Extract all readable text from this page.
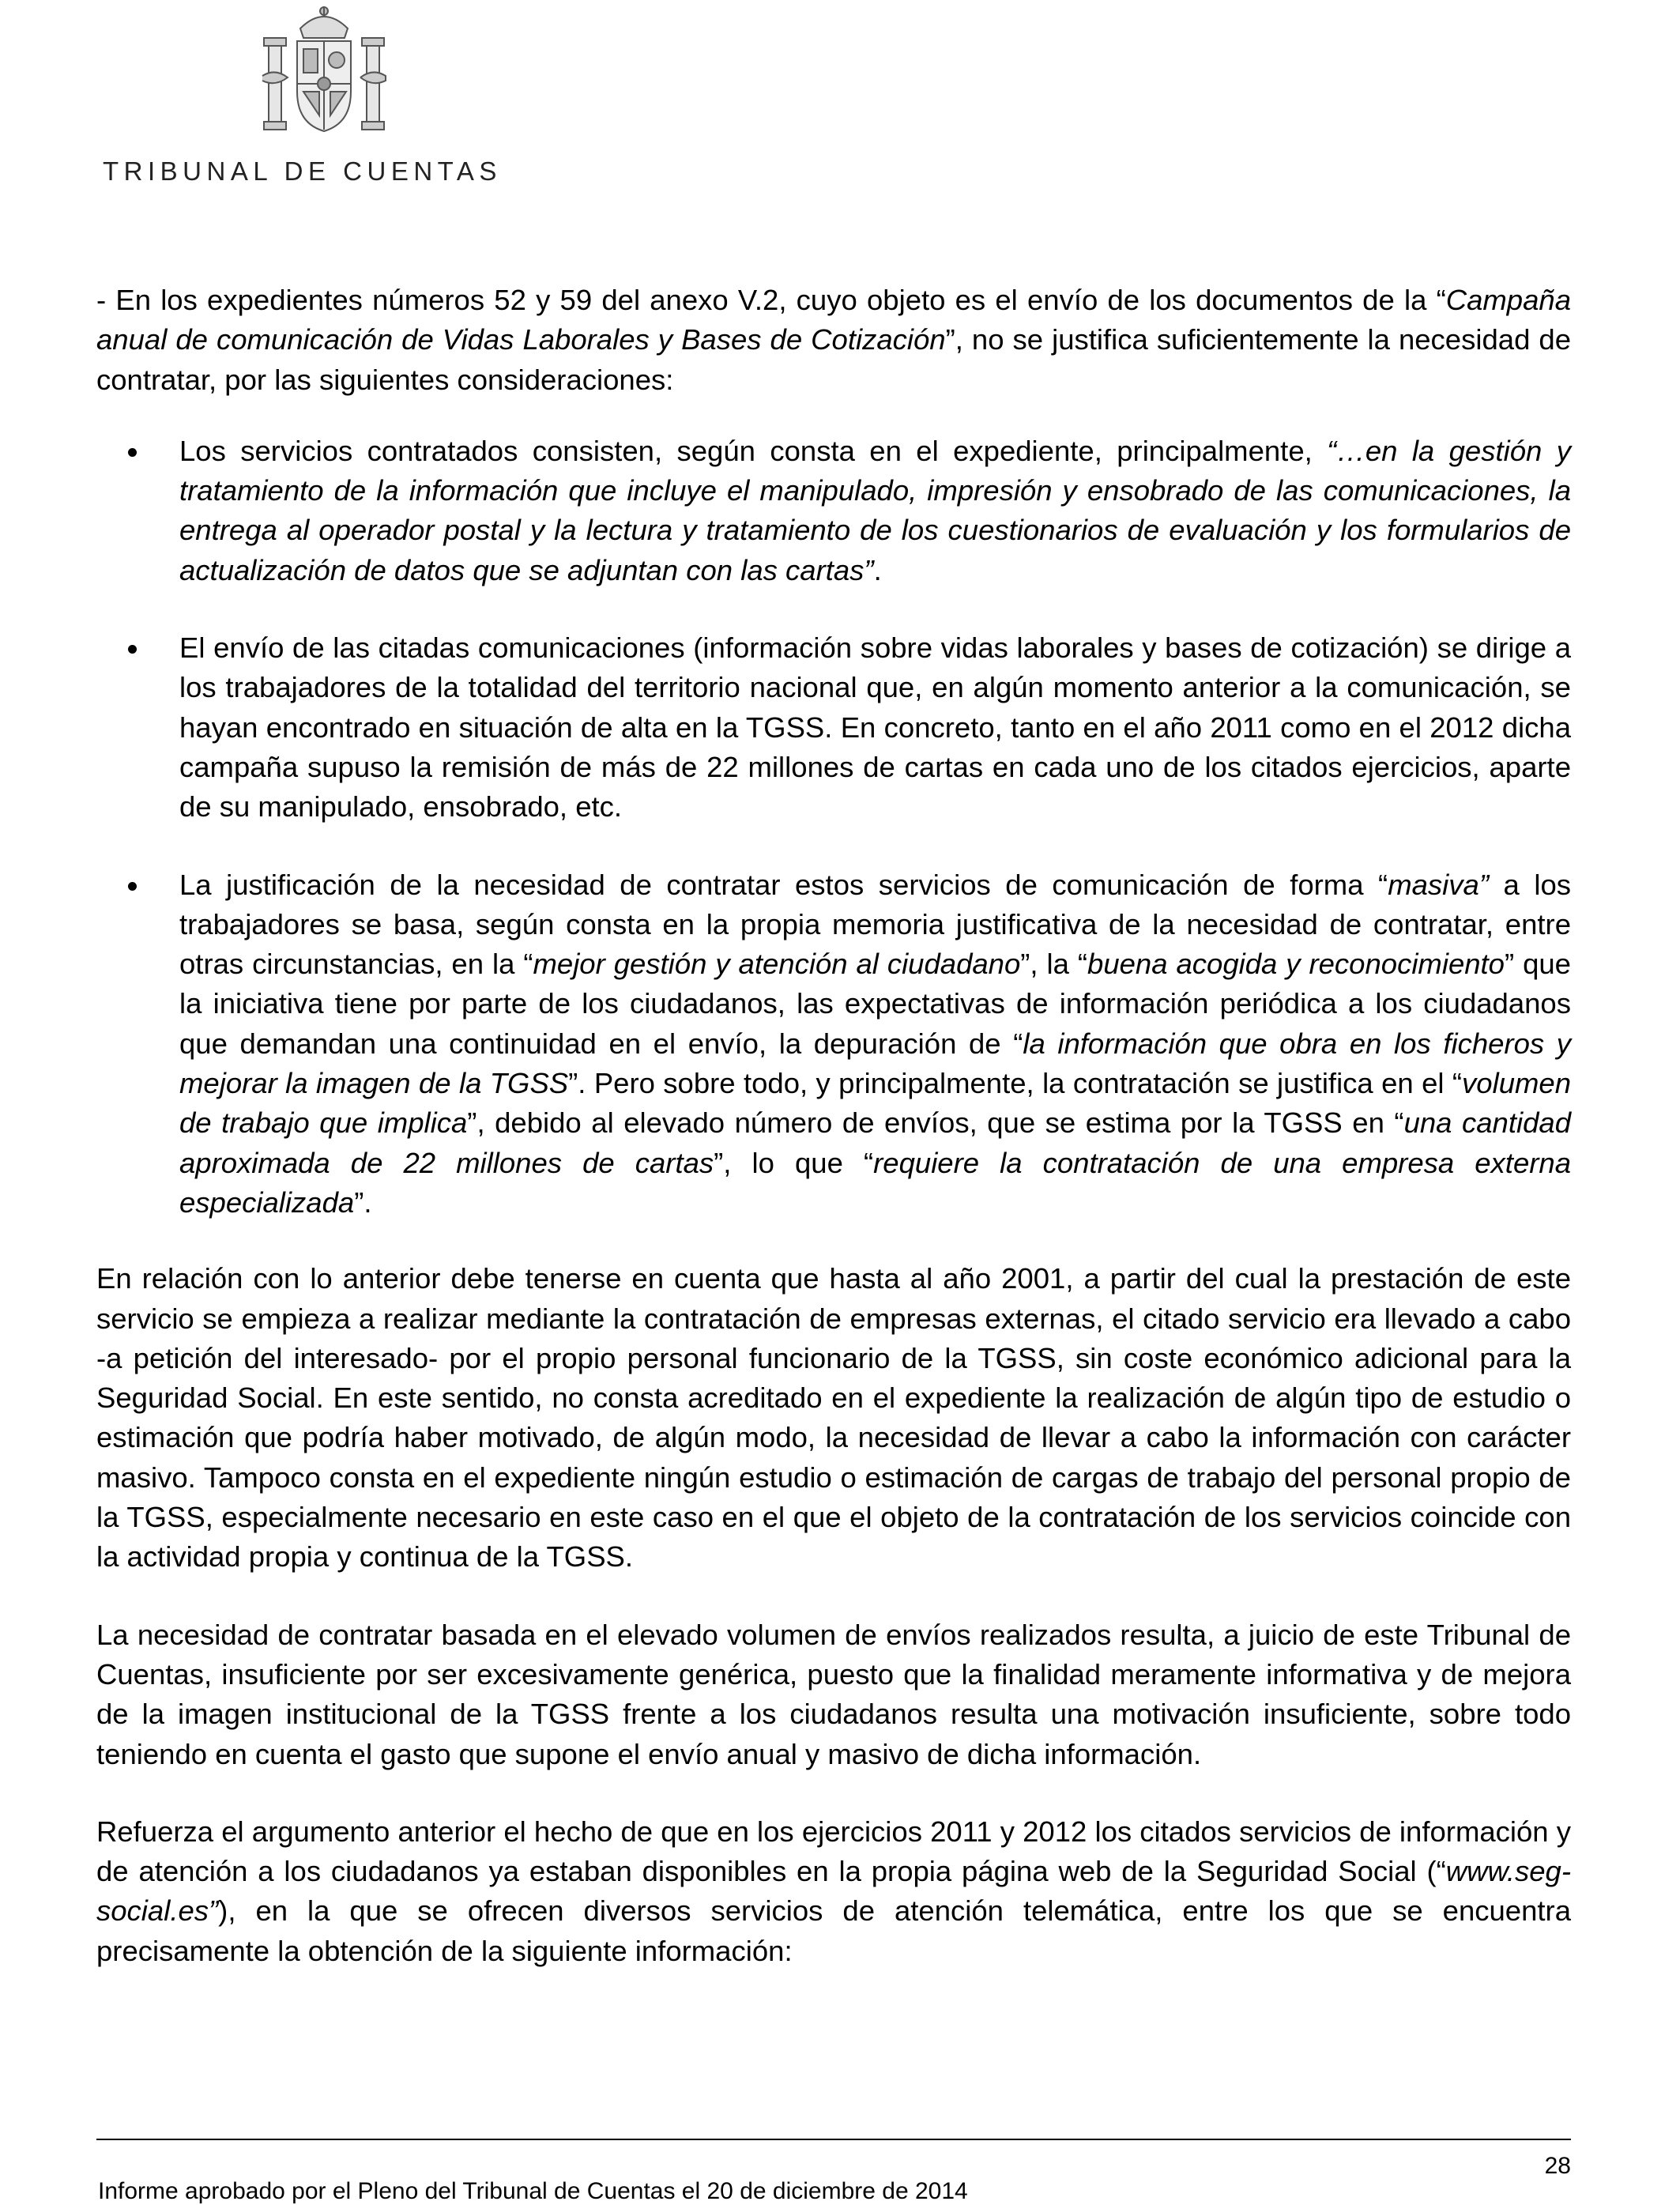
TRIBUNAL DE CUENTAS

- En los expedientes números 52 y 59 del anexo V.2, cuyo objeto es el envío de los documentos de la “Campaña anual de comunicación de Vidas Laborales y Bases de Cotización”, no se justifica suficientemente la necesidad de contratar, por las siguientes consideraciones:

Los servicios contratados consisten, según consta en el expediente, principalmente, “…en la gestión y tratamiento de la información que incluye el manipulado, impresión y ensobrado de las comunicaciones, la entrega al operador postal y la lectura y tratamiento de los cuestionarios de evaluación y los formularios de actualización de datos que se adjuntan con las cartas”.
El envío de las citadas comunicaciones (información sobre vidas laborales y bases de cotización) se dirige a los trabajadores de la totalidad del territorio nacional que, en algún momento anterior a la comunicación, se hayan encontrado en situación de alta en la TGSS. En concreto, tanto en el año 2011 como en el 2012 dicha campaña supuso la remisión de más de 22 millones de cartas en cada uno de los citados ejercicios, aparte de su manipulado, ensobrado, etc.
La justificación de la necesidad de contratar estos servicios de comunicación de forma “masiva” a los trabajadores se basa, según consta en la propia memoria justificativa de la necesidad de contratar, entre otras circunstancias, en la “mejor gestión y atención al ciudadano”, la “buena acogida y reconocimiento” que la iniciativa tiene por parte de los ciudadanos, las expectativas de información periódica a los ciudadanos que demandan una continuidad en el envío, la depuración de “la información que obra en los ficheros y mejorar la imagen de la TGSS”. Pero sobre todo, y principalmente, la contratación se justifica en el “volumen de trabajo que implica”, debido al elevado número de envíos, que se estima por la TGSS en “una cantidad aproximada de 22 millones de cartas”, lo que “requiere la contratación de una empresa externa especializada”.

En relación con lo anterior debe tenerse en cuenta que hasta al año 2001, a partir del cual la prestación de este servicio se empieza a realizar mediante la contratación de empresas externas, el citado servicio era llevado a cabo -a petición del interesado- por el propio personal funcionario de la TGSS, sin coste económico adicional para la Seguridad Social. En este sentido, no consta acreditado en el expediente la realización de algún tipo de estudio o estimación que podría haber motivado, de algún modo, la necesidad de llevar a cabo la información con carácter masivo. Tampoco consta en el expediente ningún estudio o estimación de cargas de trabajo del personal propio de la TGSS, especialmente necesario en este caso en el que el objeto de la contratación de los servicios coincide con la actividad propia y continua de la TGSS.

La necesidad de contratar basada en el elevado volumen de envíos realizados resulta, a juicio de este Tribunal de Cuentas, insuficiente por ser excesivamente genérica, puesto que la finalidad meramente informativa y de mejora de la imagen institucional de la TGSS frente a los ciudadanos resulta una motivación insuficiente, sobre todo teniendo en cuenta el gasto que supone el envío anual y masivo de dicha información.

Refuerza el argumento anterior el hecho de que en los ejercicios 2011 y 2012 los citados servicios de información y de atención a los ciudadanos ya estaban disponibles en la propia página web de la Seguridad Social (“www.seg-social.es”), en la que se ofrecen diversos servicios de atención telemática, entre los que se encuentra precisamente la obtención de la siguiente información:

28
Informe aprobado por el Pleno del Tribunal de Cuentas el 20 de diciembre de 2014
